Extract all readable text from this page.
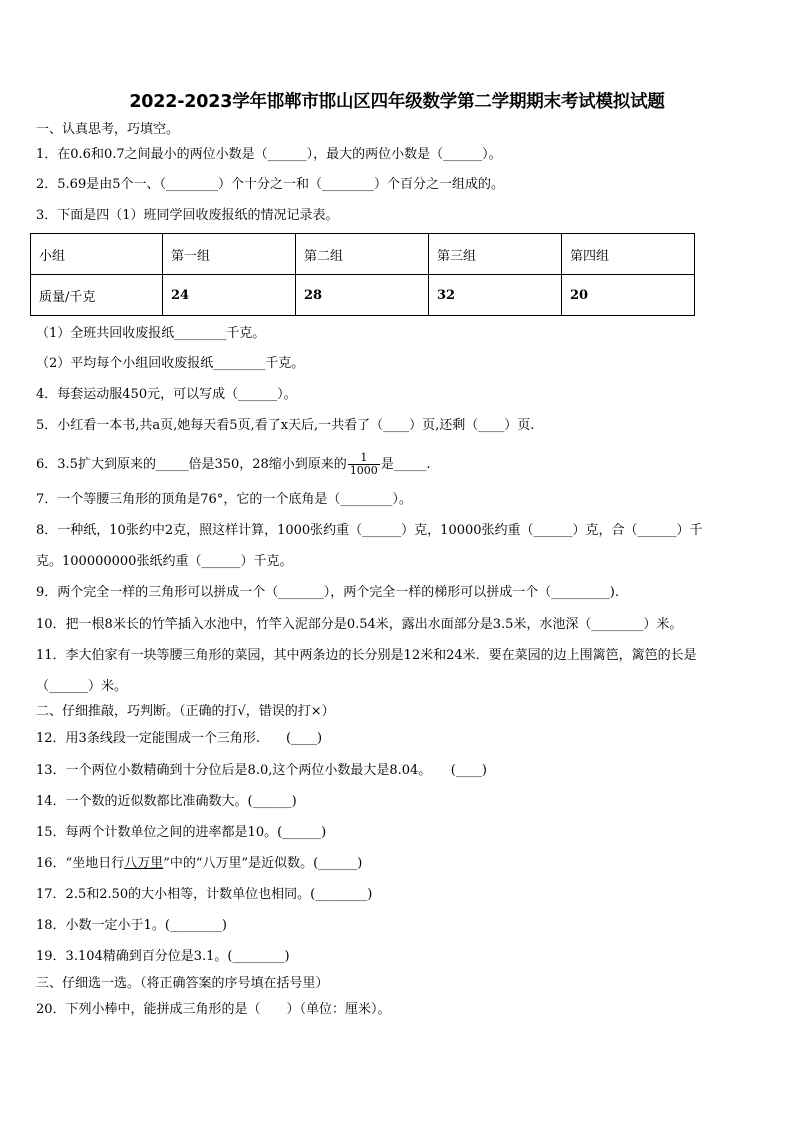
2022-2023学年邯郸市邯山区四年级数学第二学期期末考试模拟试题
一、认真思考，巧填空。
1．在0.6和0.7之间最小的两位小数是（______），最大的两位小数是（______）。
2．5.69是由5个一、（________）个十分之一和（________）个百分之一组成的。
3．下面是四（1）班同学回收废报纸的情况记录表。
小组	第一组	第二组	第三组	第四组
质量/千克	24	28	32	20
（1）全班共回收废报纸________千克。
（2）平均每个小组回收废报纸________千克。
4．每套运动服450元，可以写成（______）。
5．小红看一本书,共a页,她每天看5页,看了x天后,一共看了（____）页,还剩（____）页.
6．3.5扩大到原来的_____倍是350，28缩小到原来的 $\frac{1}{1000}$ 是_____.
7．一个等腰三角形的顶角是76°，它的一个底角是（________）。
8．一种纸，10张约中2克，照这样计算，1000张约重（______）克，10000张约重（______）克，合（______）千
克。100000000张纸约重（______）千克。
9．两个完全一样的三角形可以拼成一个（_______），两个完全一样的梯形可以拼成一个（_________).
10．把一根8米长的竹竿插入水池中，竹竿入泥部分是0.54米，露出水面部分是3.5米，水池深（________）米。
11．李大伯家有一块等腰三角形的菜园，其中两条边的长分别是12米和24米．要在菜园的边上围篱笆，篱笆的长是
（______）米。
二、仔细推敲，巧判断。（正确的打√，错误的打×）
12．用3条线段一定能围成一个三角形.　　(____)
13．一个两位小数精确到十分位后是8.0,这个两位小数最大是8.04。　　(____)
14．一个数的近似数都比准确数大。(______)
15．每两个计数单位之间的进率都是10。(______)
16．“坐地日行八万里”中的“八万里”是近似数。(______)
17．2.5和2.50的大小相等，计数单位也相同。(________)
18．小数一定小于1。(________)
19．3.104精确到百分位是3.1。(________)
三、仔细选一选。（将正确答案的序号填在括号里）
20．下列小棒中，能拼成三角形的是（　　）（单位：厘米）。
